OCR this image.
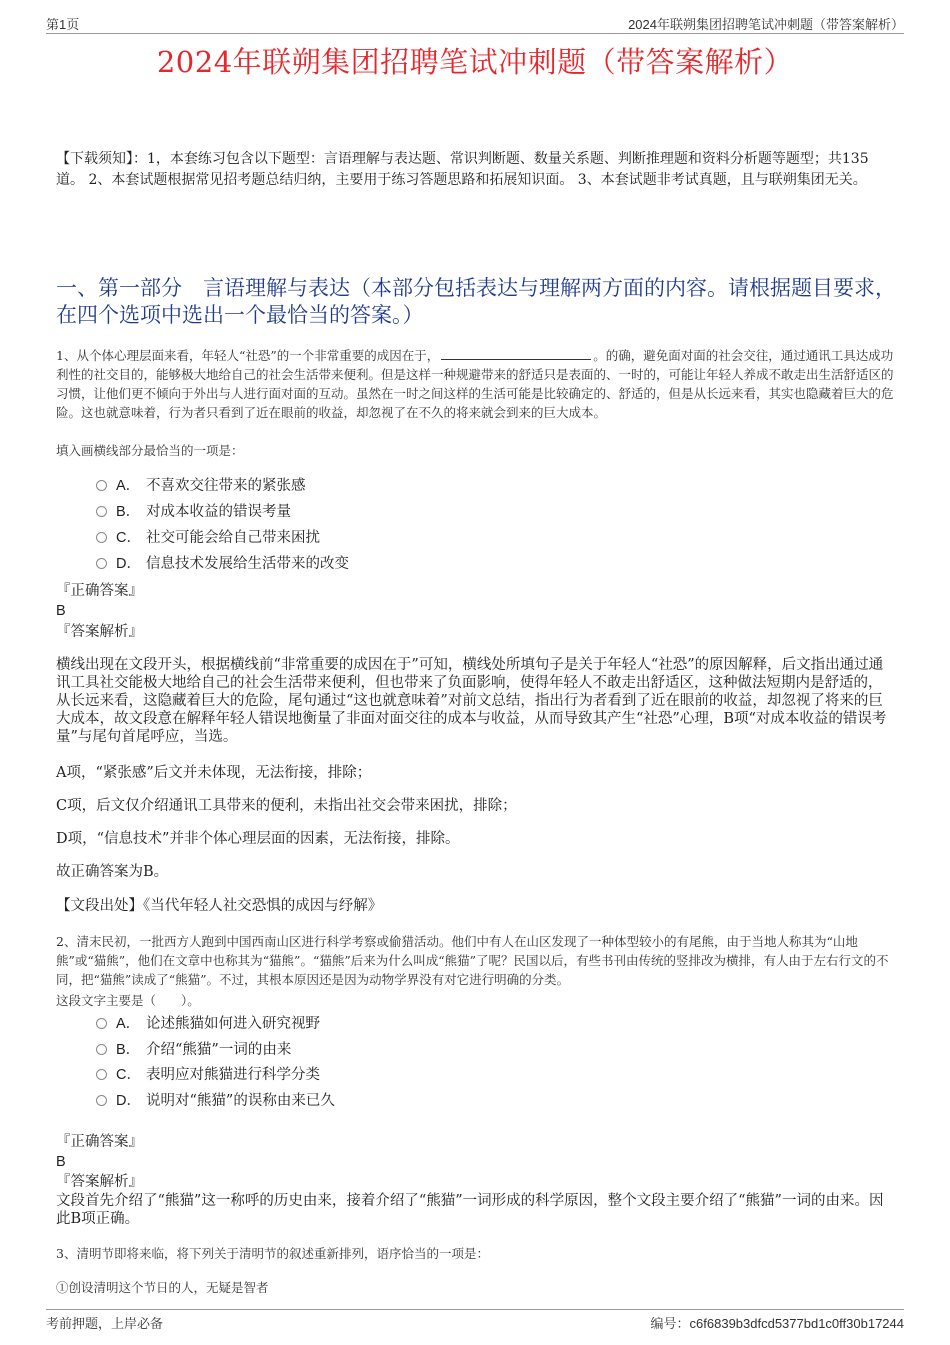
第1页	2024年联朔集团招聘笔试冲刺题（带答案解析）
2024年联朔集团招聘笔试冲刺题（带答案解析）
【下载须知】：1，本套练习包含以下题型：言语理解与表达题、常识判断题、数量关系题、判断推理题和资料分析题等题型；共135道。 2、本套试题根据常见招考题总结归纳，主要用于练习答题思路和拓展知识面。 3、本套试题非考试真题，且与联朔集团无关。
一、第一部分　言语理解与表达（本部分包括表达与理解两方面的内容。请根据题目要求，在四个选项中选出一个最恰当的答案。）
1、从个体心理层面来看，年轻人“社恐”的一个非常重要的成因在于，	。的确，避免面对面的社会交往，通过通讯工具达成功利性的社交目的，能够极大地给自己的社会生活带来便利。但是这样一种规避带来的舒适只是表面的、一时的，可能让年轻人养成不敢走出生活舒适区的习惯，让他们更不倾向于外出与人进行面对面的互动。虽然在一时之间这样的生活可能是比较确定的、舒适的，但是从长远来看，其实也隐藏着巨大的危险。这也就意味着，行为者只看到了近在眼前的收益，却忽视了在不久的将来就会到来的巨大成本。
填入画横线部分最恰当的一项是：
A． 不喜欢交往带来的紧张感
B． 对成本收益的错误考量
C． 社交可能会给自己带来困扰
D． 信息技术发展给生活带来的改变
『正确答案』
B
『答案解析』
横线出现在文段开头，根据横线前“非常重要的成因在于”可知，横线处所填句子是关于年轻人“社恐”的原因解释，后文指出通过通讯工具社交能极大地给自己的社会生活带来便利，但也带来了负面影响，使得年轻人不敢走出舒适区，这种做法短期内是舒适的，从长远来看，这隐藏着巨大的危险，尾句通过“这也就意味着”对前文总结，指出行为者看到了近在眼前的收益，却忽视了将来的巨大成本，故文段意在解释年轻人错误地衡量了非面对面交往的成本与收益，从而导致其产生“社恐”心理，B项“对成本收益的错误考量”与尾句首尾呼应，当选。
A项，“紧张感”后文并未体现，无法衔接，排除；
C项，后文仅介绍通讯工具带来的便利，未指出社交会带来困扰，排除；
D项，“信息技术”并非个体心理层面的因素，无法衔接，排除。
故正确答案为B。
【文段出处】《当代年轻人社交恐惧的成因与纾解》
2、清末民初，一批西方人跑到中国西南山区进行科学考察或偷猎活动。他们中有人在山区发现了一种体型较小的有尾熊，由于当地人称其为“山地熊”或“猫熊”，他们在文章中也称其为“猫熊”。“猫熊”后来为什么叫成“熊猫”了呢？民国以后，有些书刊由传统的竖排改为横排，有人由于左右行文的不同，把“猫熊”读成了“熊猫”。不过，其根本原因还是因为动物学界没有对它进行明确的分类。
这段文字主要是（　　）。
A． 论述熊猫如何进入研究视野
B． 介绍“熊猫”一词的由来
C． 表明应对熊猫进行科学分类
D． 说明对“熊猫”的误称由来已久
『正确答案』
B
『答案解析』
文段首先介绍了“熊猫”这一称呼的历史由来，接着介绍了“熊猫”一词形成的科学原因，整个文段主要介绍了“熊猫”一词的由来。因此B项正确。
3、清明节即将来临，将下列关于清明节的叙述重新排列，语序恰当的一项是：
①创设清明这个节日的人，无疑是智者
考前押题，上岸必备	编号：c6f6839b3dfcd5377bd1c0ff30b17244
